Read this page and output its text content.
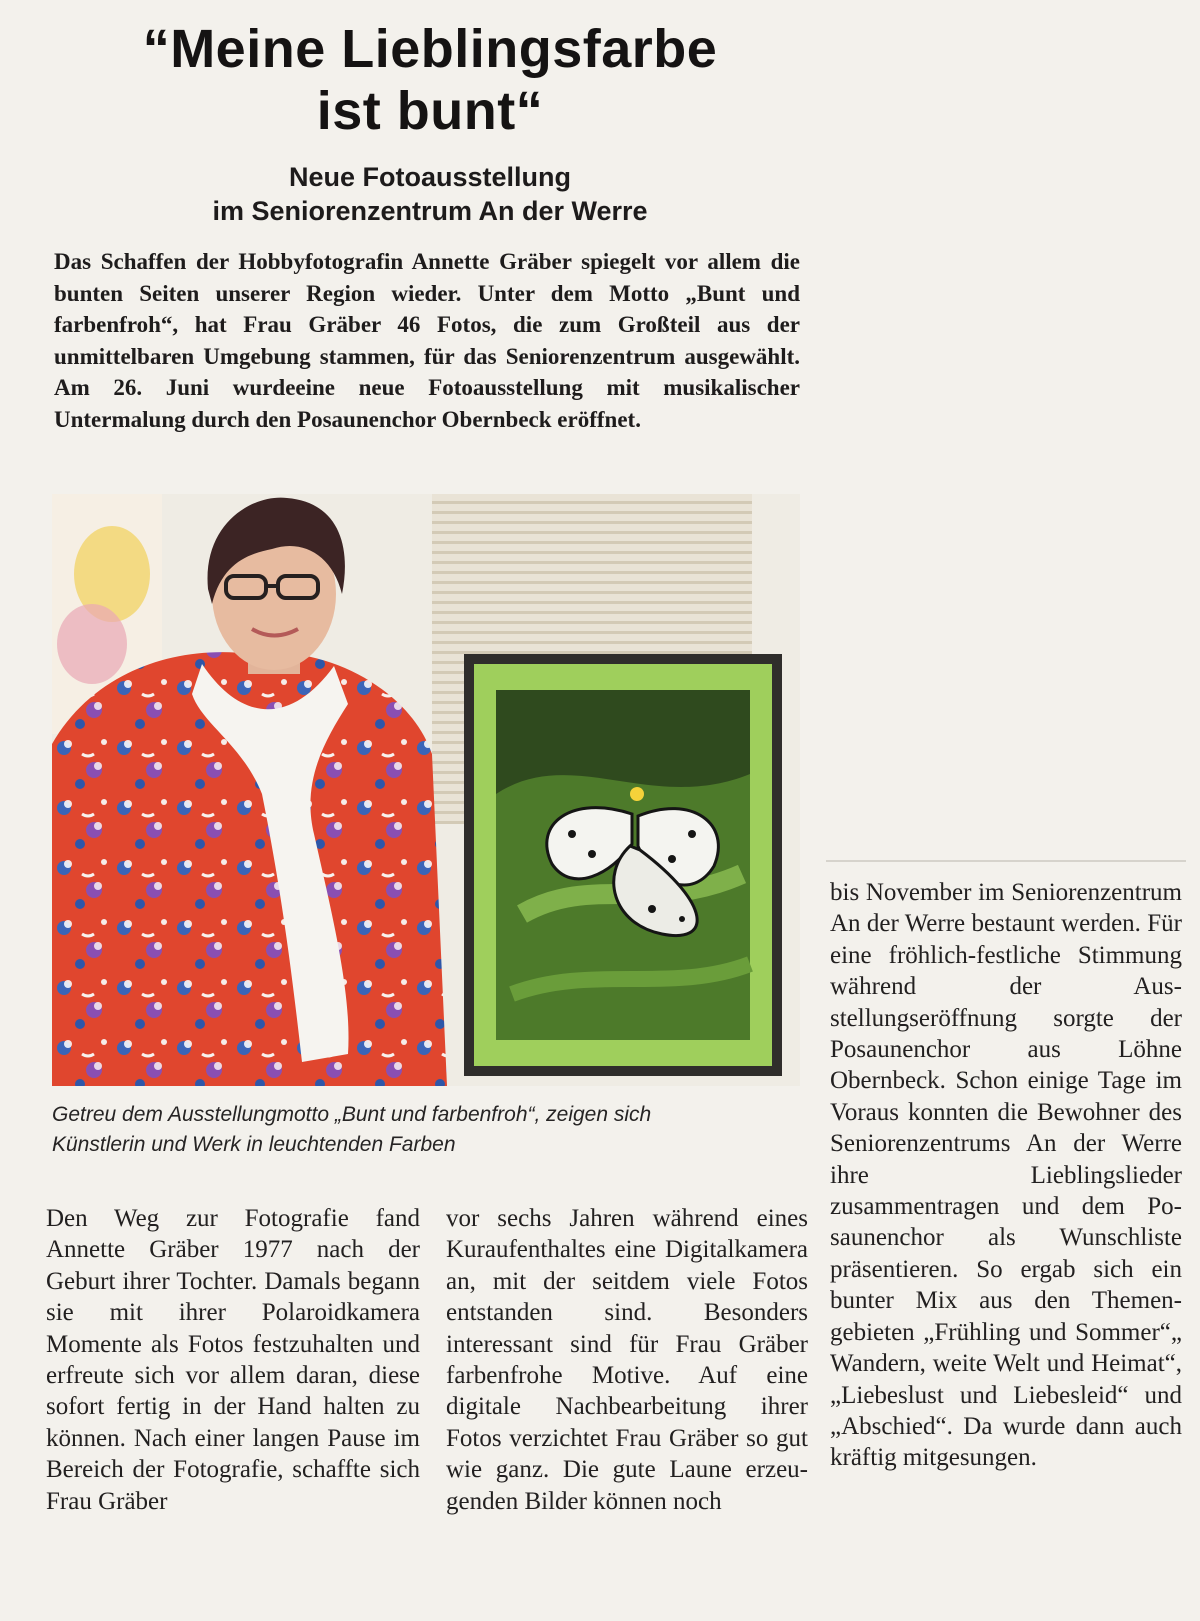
“Meine Lieblingsfarbe
ist bunt“
Neue Fotoausstellung
im Seniorenzentrum An der Werre

Das Schaffen der Hobbyfotografin Annette Gräber spiegelt vor allem die bunten Seiten unserer Region wieder. Unter dem Motto „Bunt und farbenfroh“, hat Frau Gräber 46 Fotos, die zum Großteil aus der unmittelbaren Umgebung stammen, für das Seniorenzentrum ausgewählt. Am 26. Juni wurdeeine neue Fotoausstellung mit musikalischer Untermalung durch den Posaunenchor Obernbeck eröffnet.

Getreu dem Ausstellungmotto „Bunt und farbenfroh“, zeigen sich
Künstlerin und Werk in leuchtenden Farben

Den Weg zur Fotografie fand Annette Gräber 1977 nach der Geburt ihrer Tochter. Damals begann sie mit ihrer Polaroidkamera Momente als Fotos festzuhalten und erfreute sich vor allem daran, diese sofort fertig in der Hand halten zu können. Nach einer langen Pause im Bereich der Fotografie, schaffte sich Frau Gräber

vor sechs Jahren während eines Kuraufenthaltes eine Digitalkamera an, mit der seitdem viele Fotos entstanden sind. Besonders interessant sind für Frau Gräber farbenfrohe Motive. Auf eine digitale Nachbearbeitung ihrer Fotos verzichtet Frau Gräber so gut wie ganz. Die gute Laune erzeugenden Bilder können noch

bis November im Seniorenzentrum An der Werre bestaunt werden. Für eine fröhlich-festliche Stimmung während der Ausstellungseröffnung sorgte der Posaunenchor aus Löhne Obernbeck. Schon einige Tage im Voraus konnten die Bewohner des Seniorenzentrums An der Werre ihre Lieblingslieder zusammentragen und dem Posaunenchor als Wunschliste präsentieren. So ergab sich ein bunter Mix aus den Themengebieten „Frühling und Sommer“„ Wandern, weite Welt und Heimat“, „Liebeslust und Liebesleid“ und „Abschied“. Da wurde dann auch kräftig mitgesungen.
